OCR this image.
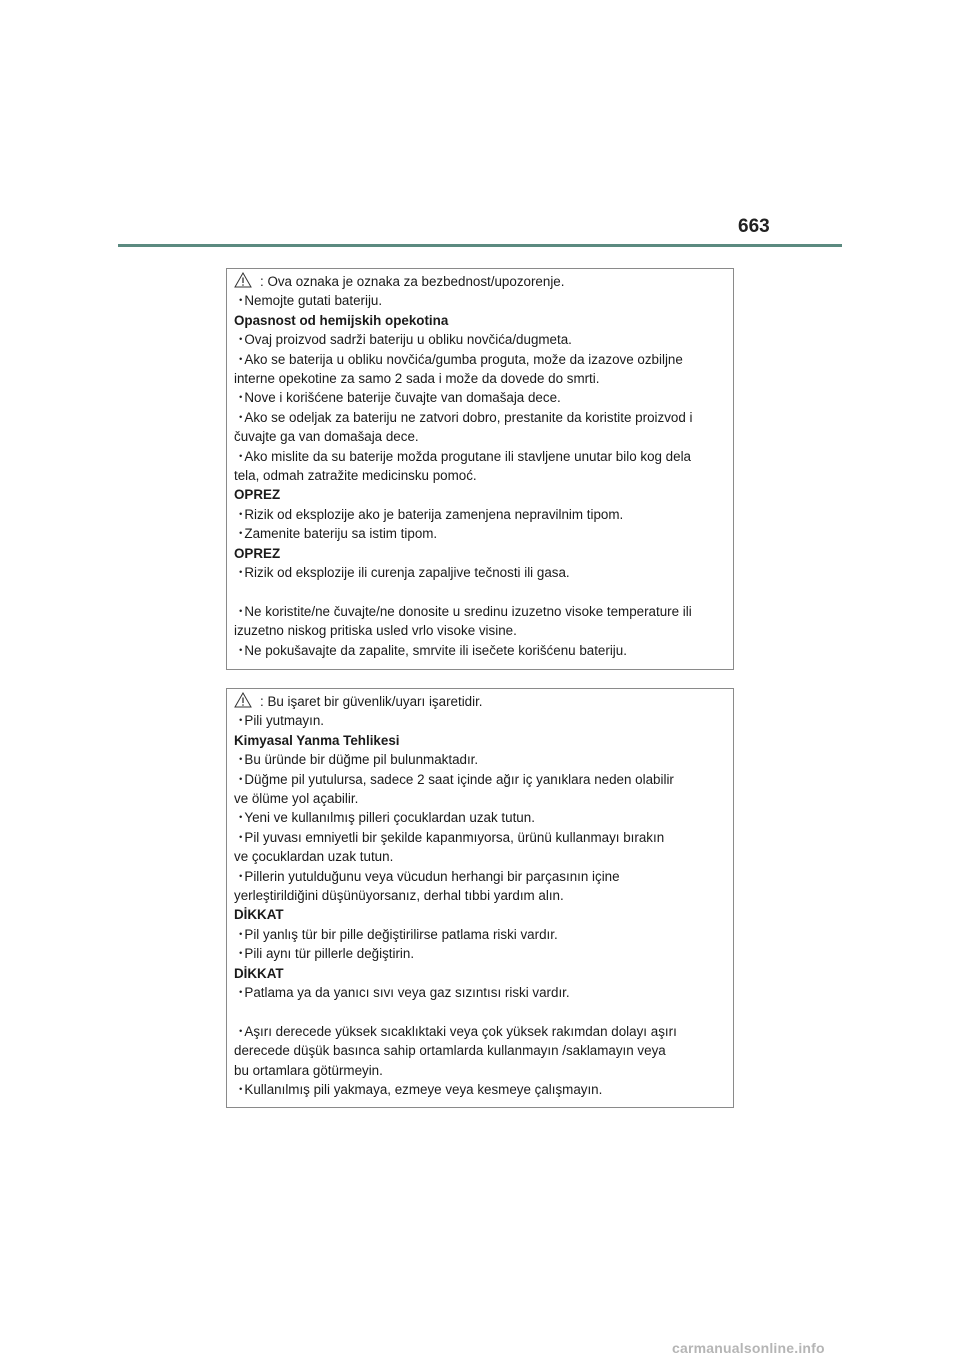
663
: Ova oznaka je oznaka za bezbednost/upozorenje.
・ Nemojte gutati bateriju.
Opasnost od hemijskih opekotina
・ Ovaj proizvod sadrži bateriju u obliku novčića/dugmeta.
・ Ako se baterija u obliku novčića/gumba proguta, može da izazove ozbiljne
interne opekotine za samo 2 sada i može da dovede do smrti.
・ Nove i korišćene baterije čuvajte van domašaja dece.
・ Ako se odeljak za bateriju ne zatvori dobro, prestanite da koristite proizvod i
čuvajte ga van domašaja dece.
・ Ako mislite da su baterije možda progutane ili stavljene unutar bilo kog dela
tela, odmah zatražite medicinsku pomoć.
OPREZ
・ Rizik od eksplozije ako je baterija zamenjena nepravilnim tipom.
・ Zamenite bateriju sa istim tipom.
OPREZ
・ Rizik od eksplozije ili curenja zapaljive tečnosti ili gasa.
・ Ne koristite/ne čuvajte/ne donosite u sredinu izuzetno visoke temperature ili
izuzetno niskog pritiska usled vrlo visoke visine.
・ Ne pokušavajte da zapalite, smrvite ili isečete korišćenu bateriju.
: Bu işaret bir güvenlik/uyarı işaretidir.
・ Pili yutmayın.
Kimyasal Yanma Tehlikesi
・ Bu üründe bir düğme pil bulunmaktadır.
・ Düğme pil yutulursa, sadece 2 saat içinde ağır iç yanıklara neden olabilir
ve ölüme yol açabilir.
・ Yeni ve kullanılmış pilleri çocuklardan uzak tutun.
・ Pil yuvası emniyetli bir şekilde kapanmıyorsa, ürünü kullanmayı bırakın
ve çocuklardan uzak tutun.
・ Pillerin yutulduğunu veya vücudun herhangi bir parçasının içine
yerleştirildiğini düşünüyorsanız, derhal tıbbi yardım alın.
DİKKAT
・ Pil yanlış tür bir pille değiştirilirse patlama riski vardır.
・ Pili aynı tür pillerle değiştirin.
DİKKAT
・ Patlama ya da yanıcı sıvı veya gaz sızıntısı riski vardır.
・ Aşırı derecede yüksek sıcaklıktaki veya çok yüksek rakımdan dolayı aşırı
derecede düşük basınca sahip ortamlarda kullanmayın /saklamayın veya
bu ortamlara götürmeyin.
・ Kullanılmış pili yakmaya, ezmeye veya kesmeye çalışmayın.
carmanualsonline.info
